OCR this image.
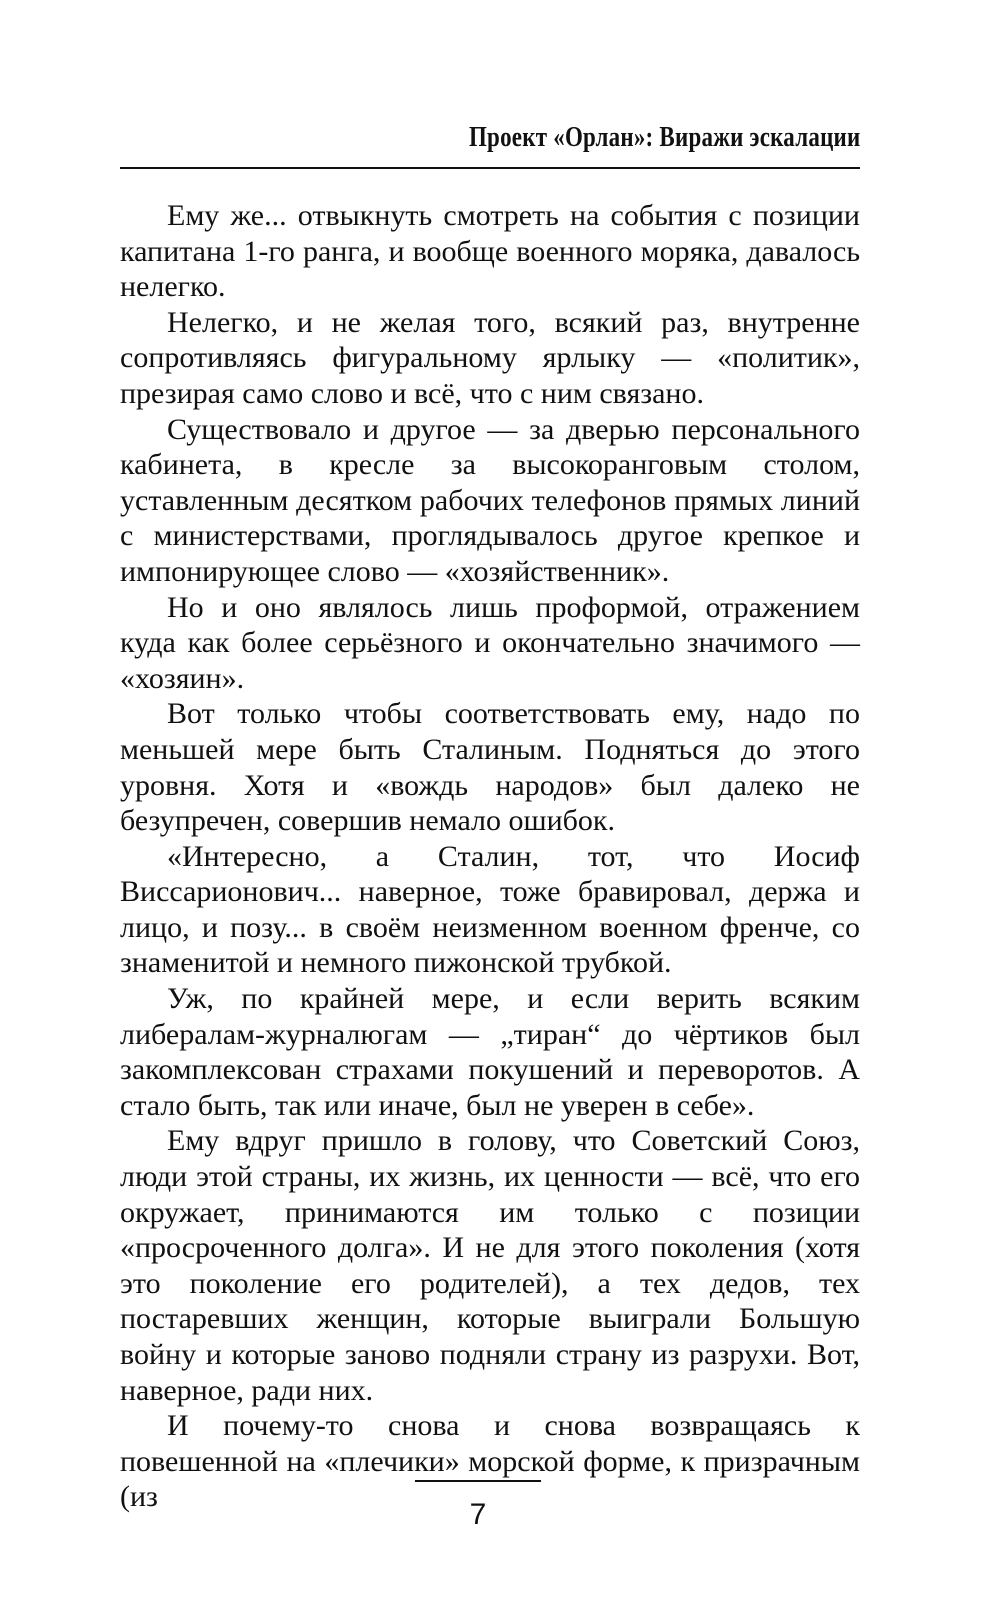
Проект «Орлан»: Виражи эскалации

Ему же... отвыкнуть смотреть на события с позиции капитана 1-го ранга, и вообще военного моряка, давалось нелегко.

Нелегко, и не желая того, всякий раз, внутренне сопротивляясь фигуральному ярлыку — «политик», презирая само слово и всё, что с ним связано.

Существовало и другое — за дверью персонального кабинета, в кресле за высокоранговым столом, уставленным десятком рабочих телефонов прямых линий с министерствами, проглядывалось другое крепкое и импонирующее слово — «хозяйственник».

Но и оно являлось лишь проформой, отражением куда как более серьёзного и окончательно значимого — «хозяин».

Вот только чтобы соответствовать ему, надо по меньшей мере быть Сталиным. Подняться до этого уровня. Хотя и «вождь народов» был далеко не безупречен, совершив немало ошибок.

«Интересно, а Сталин, тот, что Иосиф Виссарионович... наверное, тоже бравировал, держа и лицо, и позу... в своём неизменном военном френче, со знаменитой и немного пижонской трубкой.

Уж, по крайней мере, и если верить всяким либералам-журналюгам — „тиран“ до чёртиков был закомплексован страхами покушений и переворотов. А стало быть, так или иначе, был не уверен в себе».

Ему вдруг пришло в голову, что Советский Союз, люди этой страны, их жизнь, их ценности — всё, что его окружает, принимаются им только с позиции «просроченного долга». И не для этого поколения (хотя это поколение его родителей), а тех дедов, тех постаревших женщин, которые выиграли Большую войну и которые заново подняли страну из разрухи. Вот, наверное, ради них.

И почему-то снова и снова возвращаясь к повешенной на «плечики» морской форме, к призрачным (из

7
